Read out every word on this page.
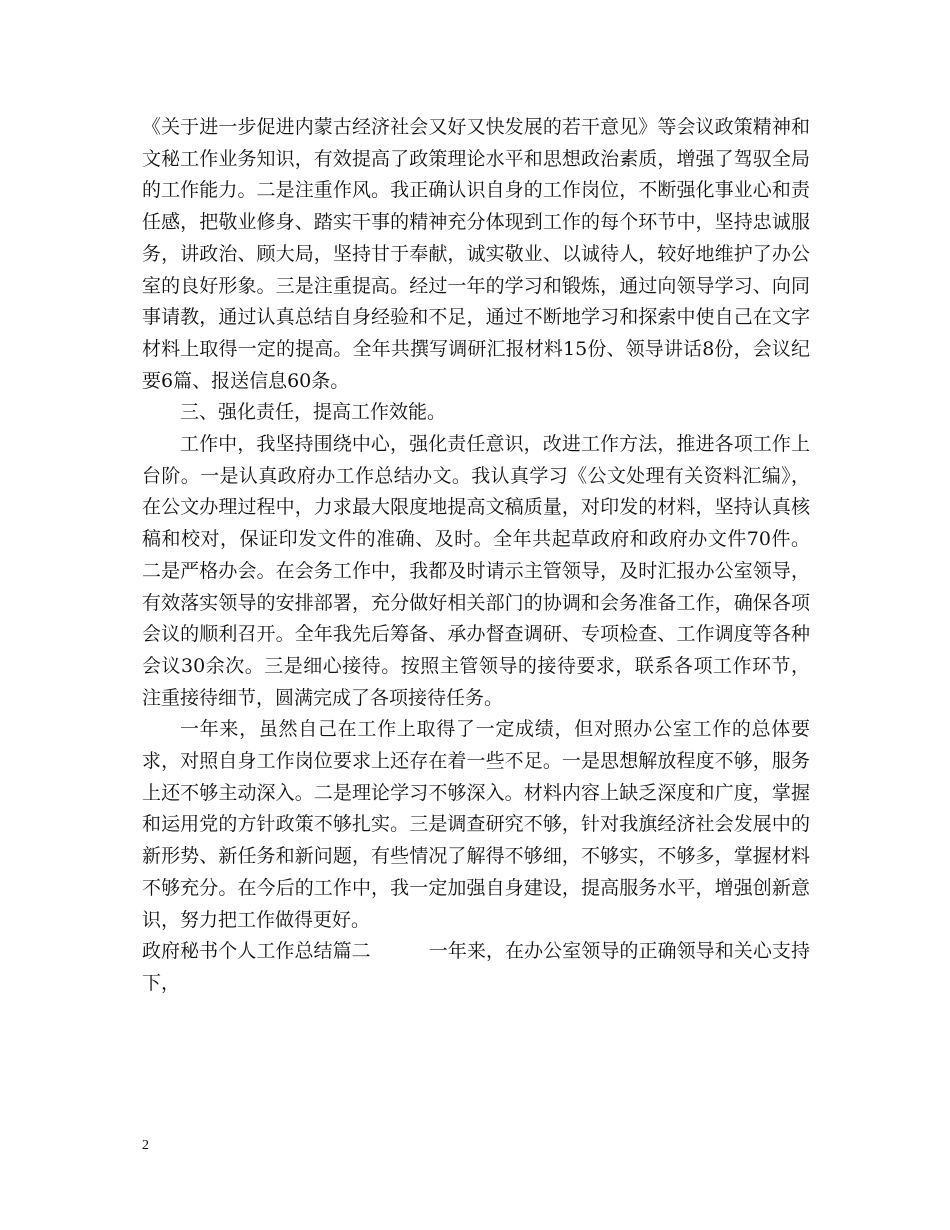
《关于进一步促进内蒙古经济社会又好又快发展的若干意见》等会议政策精神和文秘工作业务知识，有效提高了政策理论水平和思想政治素质，增强了驾驭全局的工作能力。二是注重作风。我正确认识自身的工作岗位，不断强化事业心和责任感，把敬业修身、踏实干事的精神充分体现到工作的每个环节中，坚持忠诚服务，讲政治、顾大局，坚持甘于奉献，诚实敬业、以诚待人，较好地维护了办公室的良好形象。三是注重提高。经过一年的学习和锻炼，通过向领导学习、向同事请教，通过认真总结自身经验和不足，通过不断地学习和探索中使自己在文字材料上取得一定的提高。全年共撰写调研汇报材料15份、领导讲话8份，会议纪要6篇、报送信息60条。

三、强化责任，提高工作效能。

工作中，我坚持围绕中心，强化责任意识，改进工作方法，推进各项工作上台阶。一是认真政府办工作总结办文。我认真学习《公文处理有关资料汇编》，在公文办理过程中，力求最大限度地提高文稿质量，对印发的材料，坚持认真核稿和校对，保证印发文件的准确、及时。全年共起草政府和政府办文件70件。二是严格办会。在会务工作中，我都及时请示主管领导，及时汇报办公室领导，有效落实领导的安排部署，充分做好相关部门的协调和会务准备工作，确保各项会议的顺利召开。全年我先后筹备、承办督查调研、专项检查、工作调度等各种会议30余次。三是细心接待。按照主管领导的接待要求，联系各项工作环节，注重接待细节，圆满完成了各项接待任务。

一年来，虽然自己在工作上取得了一定成绩，但对照办公室工作的总体要求，对照自身工作岗位要求上还存在着一些不足。一是思想解放程度不够，服务上还不够主动深入。二是理论学习不够深入。材料内容上缺乏深度和广度，掌握和运用党的方针政策不够扎实。三是调查研究不够，针对我旗经济社会发展中的新形势、新任务和新问题，有些情况了解得不够细，不够实，不够多，掌握材料不够充分。在今后的工作中，我一定加强自身建设，提高服务水平，增强创新意识，努力把工作做得更好。

政府秘书个人工作总结篇二	一年来，在办公室领导的正确领导和关心支持下，

2
